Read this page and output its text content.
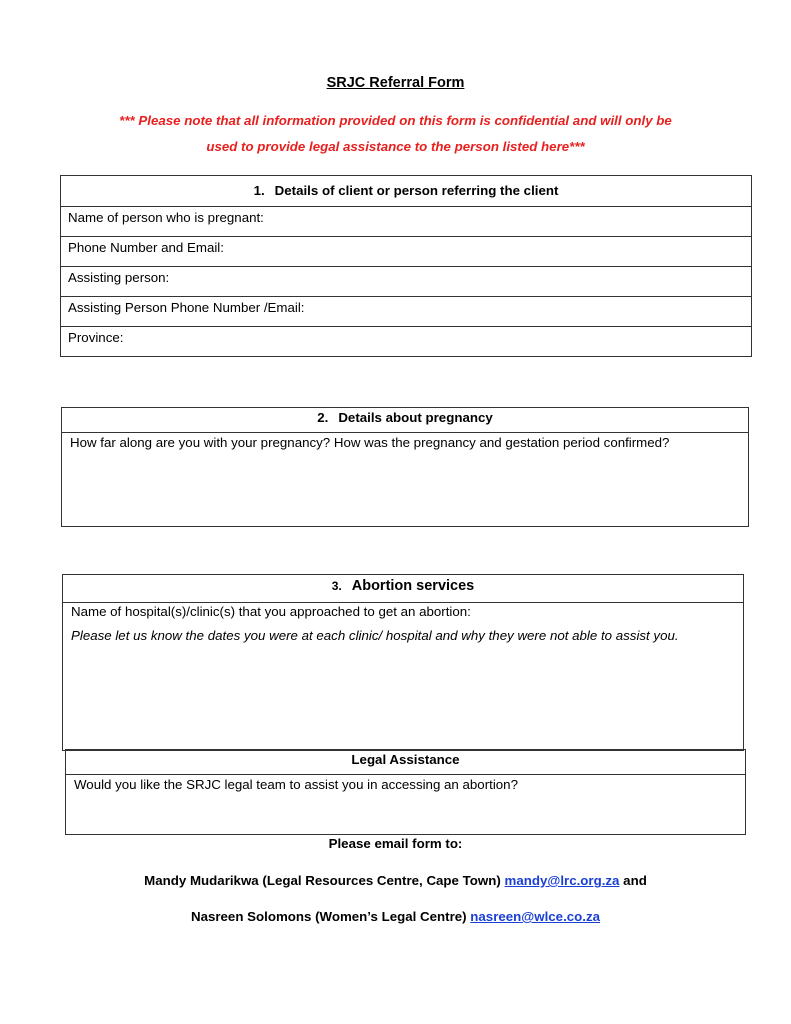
SRJC Referral Form
*** Please note that all information provided on this form is confidential and will only be
used to provide legal assistance to the person listed here***
1. Details of client or person referring the client
Name of person who is pregnant:
Phone Number and Email:
Assisting person:
Assisting Person Phone Number /Email:
Province:
2. Details about pregnancy
How far along are you with your pregnancy? How was the pregnancy and gestation period confirmed?
3. Abortion services
Name of hospital(s)/clinic(s) that you approached to get an abortion:
Please let us know the dates you were at each clinic/ hospital and why they were not able to assist you.
Legal Assistance
Would you like the SRJC legal team to assist you in accessing an abortion?
Please email form to:
Mandy Mudarikwa (Legal Resources Centre, Cape Town) mandy@lrc.org.za and
Nasreen Solomons (Women’s Legal Centre) nasreen@wlce.co.za
